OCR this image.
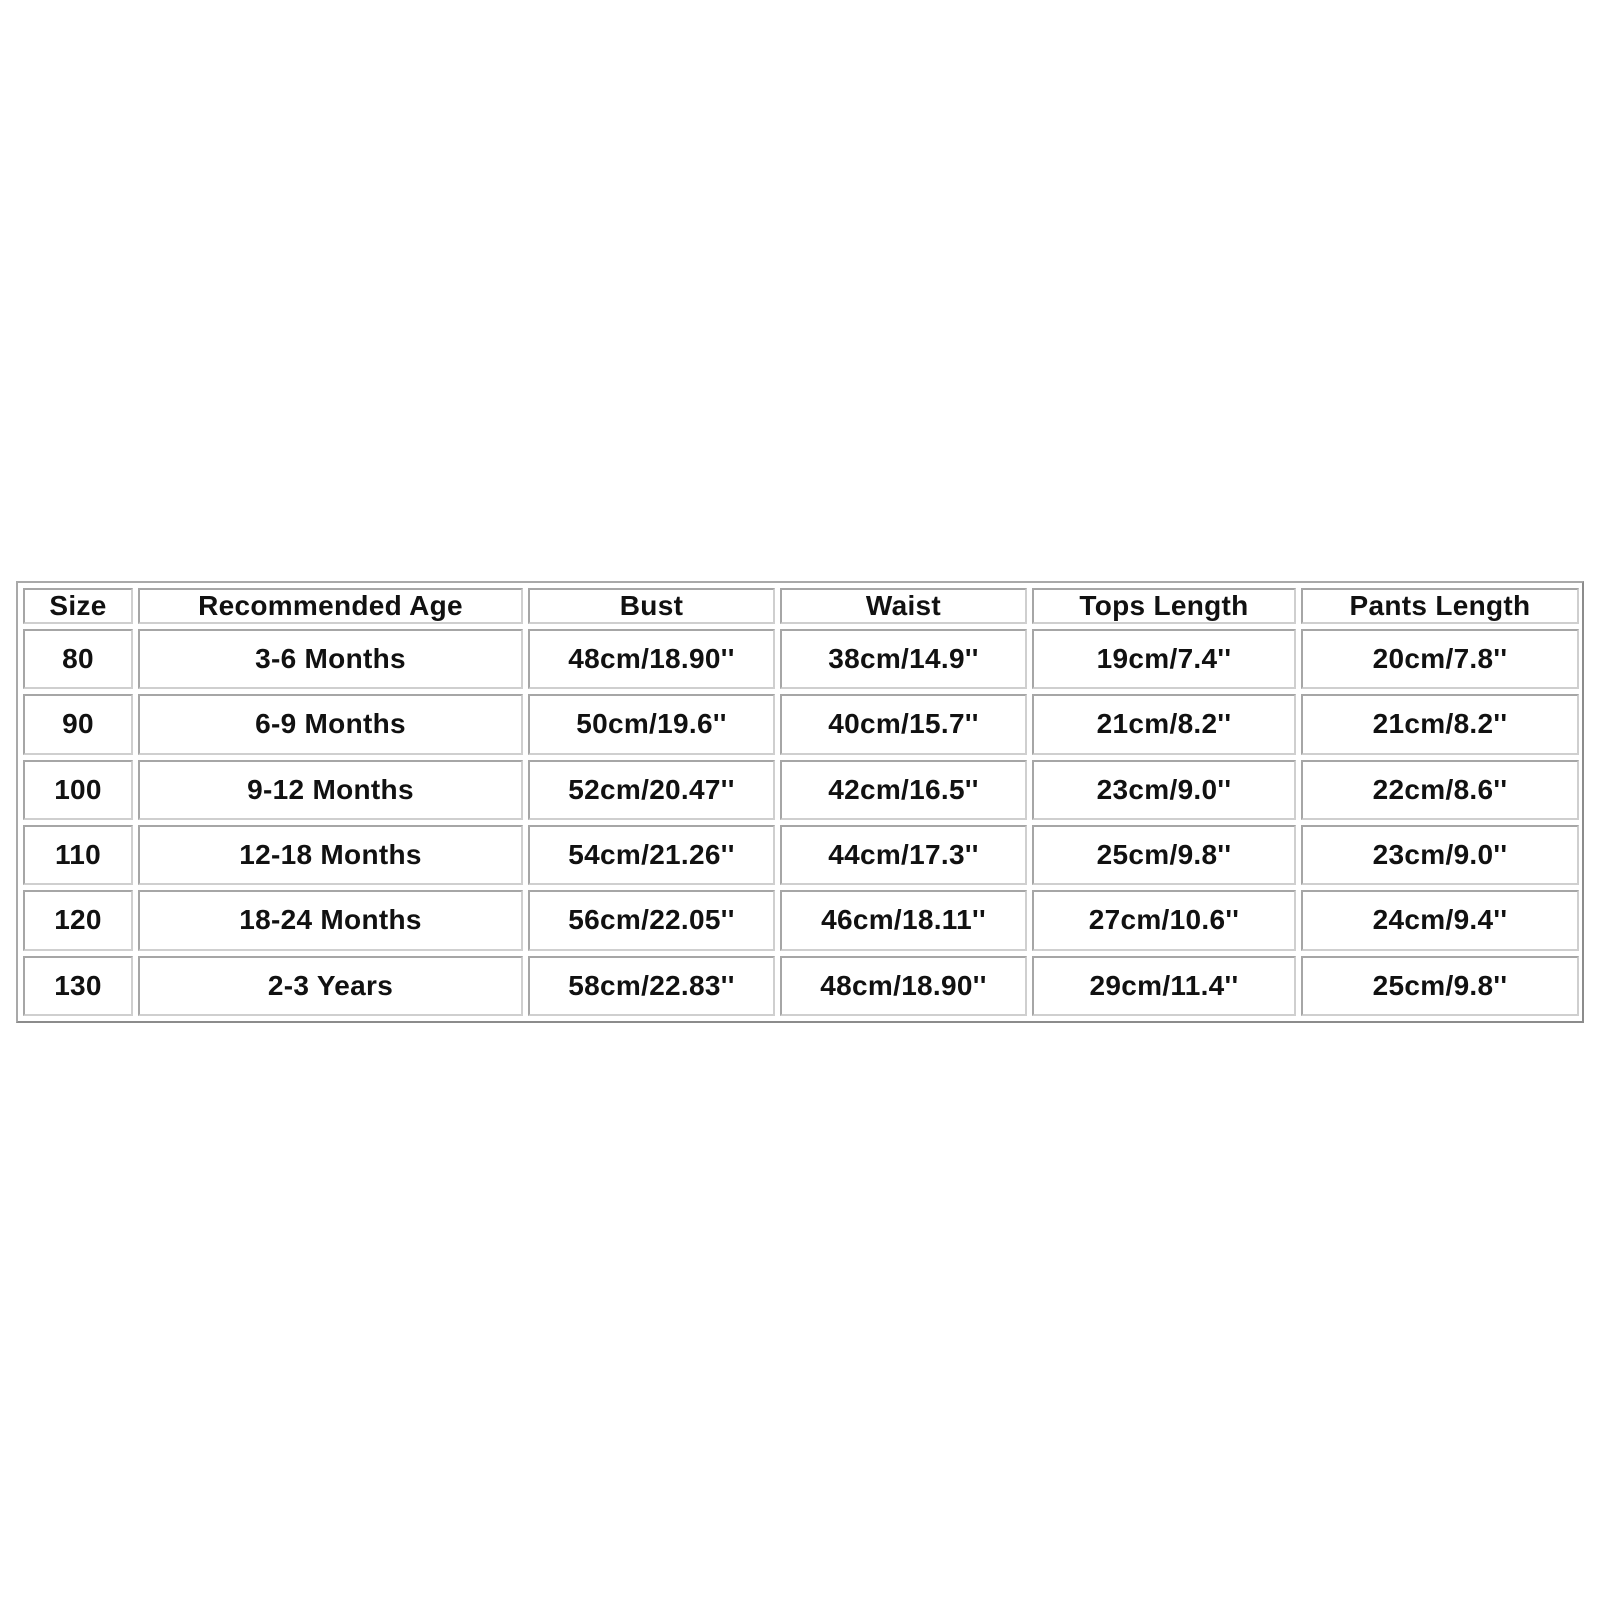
Size	Recommended Age	Bust	Waist	Tops Length	Pants Length
80	3-6 Months	48cm/18.90''	38cm/14.9''	19cm/7.4''	20cm/7.8''
90	6-9 Months	50cm/19.6''	40cm/15.7''	21cm/8.2''	21cm/8.2''
100	9-12 Months	52cm/20.47''	42cm/16.5''	23cm/9.0''	22cm/8.6''
110	12-18 Months	54cm/21.26''	44cm/17.3''	25cm/9.8''	23cm/9.0''
120	18-24 Months	56cm/22.05''	46cm/18.11''	27cm/10.6''	24cm/9.4''
130	2-3 Years	58cm/22.83''	48cm/18.90''	29cm/11.4''	25cm/9.8''
